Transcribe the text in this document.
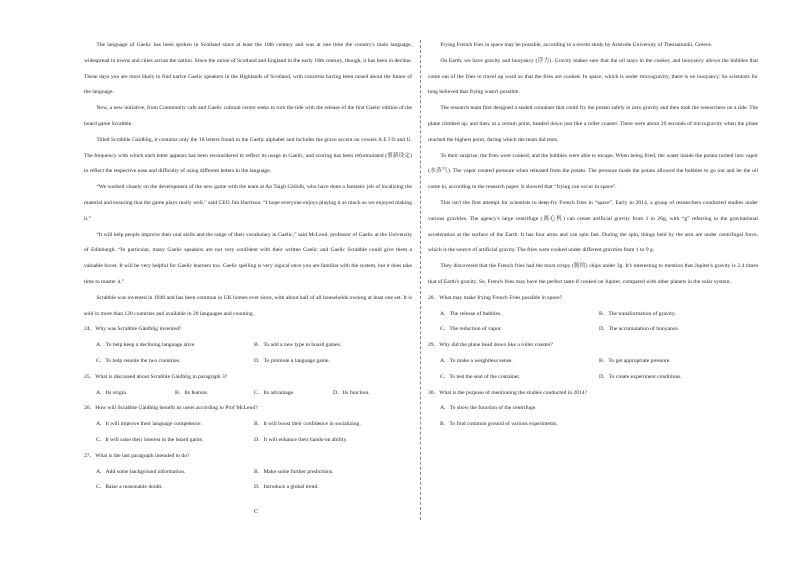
The language of Gaelic has been spoken in Scotland since at least the 10th century and was at one time the country's main language, widespread in towns and cities across the nation. Since the union of Scotland and England in the early 18th century, though, it has been in decline. These days you are most likely to find native Gaelic speakers in the Highlands of Scotland, with concerns having been raised about the future of the language.

Now, a new initiative, from Community cafe and Gaelic cultural centre seeks to turn the tide with the release of the first Gaelic edition of the board game Scrabble.

Titled Scrabble Gàidhlig, it contains only the 18 letters found in the Gaelic alphabet and includes the grave accent on vowels A E I O and U. The frequency with which each letter appears has been reconsidered to reflect its usage in Gaelic, and scoring has been reformulated (重新设定) to reflect the respective ease and difficulty of using different letters in the language.

“We worked closely on the development of the new game with the team at An Taigh Cèilidh, who have done a fantastic job of localizing the material and ensuring that the game plays really well,” said CEO Jim Harrison. “I hope everyone enjoys playing it as much as we enjoyed making it.”

“It will help people improve their oral skills and the range of their vocabulary in Gaelic,” said McLeod, professor of Gaelic at the University of Edinburgh. “In particular, many Gaelic speakers are not very confident with their written Gaelic and Gaelic Scrabble could give them a valuable boost. It will be very helpful for Gaelic learners too. Gaelic spelling is very logical once you are familiar with the system, but it does take time to master it.”

Scrabble was invented in 1948 and has been common in UK homes ever since, with about half of all households owning at least one set. It is sold in more than 120 countries and available in 28 languages and counting.

24．Why was Scrabble Gàidhlig invented?
A．To help keep a declining language alive.	B．To add a new type to board games.
C．To help reunite the two countries.	D．To promote a language game.
25．What is discussed about Scrabble Gàidhlig in paragraph 3?
A．Its origin.	B．Its feature.	C．Its advantage.	D．Its function.
26．How will Scrabble Gàidhlig benefit its users according to Prof McLeod?
A．It will improve their language competence.	B．It will boost their confidence in socializing.
C．It will raise their interest in the board game.	D．It will enhance their hands-on ability.
27．What is the last paragraph intended to do?
A．Add some background information.	B．Make some further predictions.
C．Raise a reasonable doubt.	D．Introduce a global trend.

Frying French fries in space may be possible, according to a recent study by Aristotle University of Thessaloniki, Greece.

On Earth, we have gravity and buoyancy (浮力). Gravity makes sure that the oil stays in the cooker, and buoyancy allows the bubbles that come out of the fries to travel up ward so that the fries are cooked. In space, which is under microgravity, there is no buoyancy. So scientists for long believed that frying wasn't possible.

The research team first designed a sealed container that could fry the potato safely in zero gravity and then took the researchers on a ride. The plane climbed up, and then, at a certain point, headed down just like a roller coaster. There were about 20 seconds of microgravity when the plane reached the highest point, during which the team did tests.

To their surprise, the fries were cooked, and the bubbles were able to escape. When being fried, the water inside the potato turned into vapor (水蒸气). The vapor created pressure when released from the potato. The pressure made the potato allowed the bubbles to go out and let the oil come in, according to the research paper. It showed that “frying can occur in space”.

This isn't the first attempt for scientists to deep-fry French fries in “space”. Early in 2014, a group of researchers conducted studies under various gravities. The agency's large centrifuge (离心机) can create artificial gravity from 1 to 20g, with “g” referring to the gravitational acceleration at the surface of the Earth. It has four arms and can spin fast. During the spin, things held by the arm are under centrifugal force, which is the source of artificial gravity. The fries were cooked under different gravities from 1 to 9 g.

They discovered that the French fries had the most crispy (脆的) chips under 3g. It's interesting to mention that Jupiter's gravity is 2.4 times that of Earth's gravity. So, French fries may have the perfect taste if cooked on Jupiter, compared with other planets in the solar system.

28．What may make frying French Fries possible in space?
A．The release of bubbles.	B．The transformation of gravity.
C．The reduction of vapor.	D．The accumulation of buoyance.
29．Why did the plane head down like a roller coaster?
A．To make a weightless sense.	B．To get appropriate pressure.
C．To test the seal of the container.	D．To create experiment conditions.
30．What is the purpose of mentioning the studies conducted in 2014?
A．To show the function of the centrifuge.
B．To find common ground of various experiments.
C
